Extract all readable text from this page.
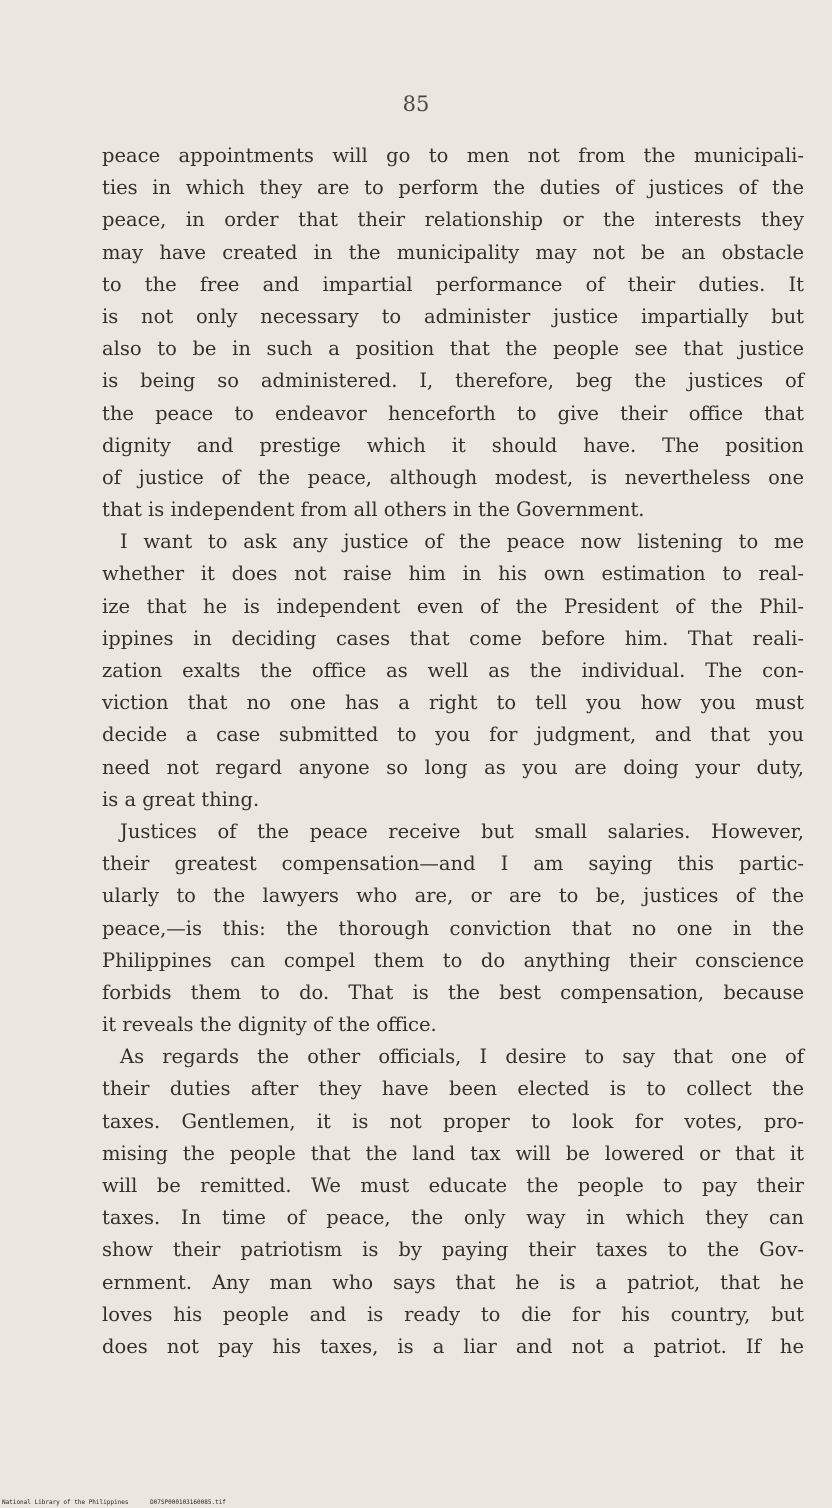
85
peace appointments will go to men not from the municipali-
ties in which they are to perform the duties of justices of the
peace, in order that their relationship or the interests they
may have created in the municipality may not be an obstacle
to the free and impartial performance of their duties. It
is not only necessary to administer justice impartially but
also to be in such a position that the people see that justice
is being so administered. I, therefore, beg the justices of
the peace to endeavor henceforth to give their office that
dignity and prestige which it should have. The position
of justice of the peace, although modest, is nevertheless one
that is independent from all others in the Government.
I want to ask any justice of the peace now listening to me
whether it does not raise him in his own estimation to real-
ize that he is independent even of the President of the Phil-
ippines in deciding cases that come before him. That reali-
zation exalts the office as well as the individual. The con-
viction that no one has a right to tell you how you must
decide a case submitted to you for judgment, and that you
need not regard anyone so long as you are doing your duty,
is a great thing.
Justices of the peace receive but small salaries. However,
their greatest compensation—and I am saying this partic-
ularly to the lawyers who are, or are to be, justices of the
peace,—is this: the thorough conviction that no one in the
Philippines can compel them to do anything their conscience
forbids them to do. That is the best compensation, because
it reveals the dignity of the office.
As regards the other officials, I desire to say that one of
their duties after they have been elected is to collect the
taxes. Gentlemen, it is not proper to look for votes, pro-
mising the people that the land tax will be lowered or that it
will be remitted. We must educate the people to pay their
taxes. In time of peace, the only way in which they can
show their patriotism is by paying their taxes to the Gov-
ernment. Any man who says that he is a patriot, that he
loves his people and is ready to die for his country, but
does not pay his taxes, is a liar and not a patriot. If he
National Library of the Philippines	D07SP000103160085.tif
